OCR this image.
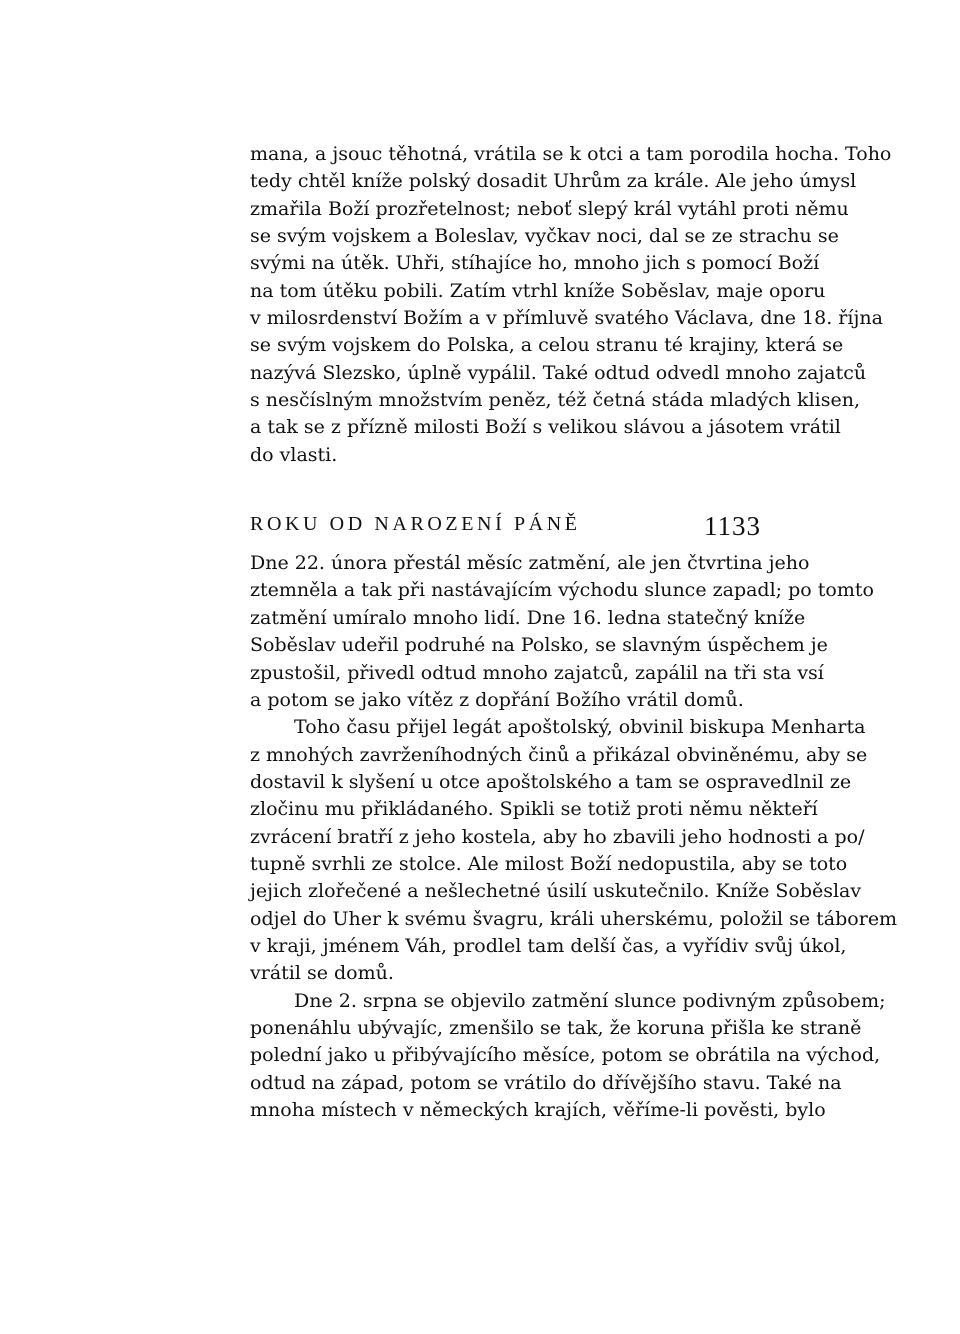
mana, a jsouc těhotná, vrátila se k otci a tam porodila hocha. Toho
tedy chtěl kníže polský dosadit Uhrům za krále. Ale jeho úmysl
zmařila Boží prozřetelnost; neboť slepý král vytáhl proti němu
se svým vojskem a Boleslav, vyčkav noci, dal se ze strachu se
svými na útěk. Uhři, stíhajíce ho, mnoho jich s pomocí Boží
na tom útěku pobili. Zatím vtrhl kníže Soběslav, maje oporu
v milosrdenství Božím a v přímluvě svatého Václava, dne 18. října
se svým vojskem do Polska, a celou stranu té krajiny, která se
nazývá Slezsko, úplně vypálil. Také odtud odvedl mnoho zajatců
s nesčíslným množstvím peněz, též četná stáda mladých klisen,
a tak se z přízně milosti Boží s velikou slávou a jásotem vrátil
do vlasti.
ROKU OD NAROZENÍ PÁNĚ	1133
Dne 22. února přestál měsíc zatmění, ale jen čtvrtina jeho
ztemněla a tak při nastávajícím východu slunce zapadl; po tomto
zatmění umíralo mnoho lidí. Dne 16. ledna statečný kníže
Soběslav udeřil podruhé na Polsko, se slavným úspěchem je
zpustošil, přivedl odtud mnoho zajatců, zapálil na tři sta vsí
a potom se jako vítěz z dopřání Božího vrátil domů.
Toho času přijel legát apoštolský, obvinil biskupa Menharta
z mnohých zavrženíhodných činů a přikázal obviněnému, aby se
dostavil k slyšení u otce apoštolského a tam se ospravedlnil ze
zločinu mu přikládaného. Spikli se totiž proti němu někteří
zvrácení bratří z jeho kostela, aby ho zbavili jeho hodnosti a po/
tupně svrhli ze stolce. Ale milost Boží nedopustila, aby se toto
jejich zlořečené a nešlechetné úsilí uskutečnilo. Kníže Soběslav
odjel do Uher k svému švagru, králi uherskému, položil se táborem
v kraji, jménem Váh, prodlel tam delší čas, a vyřídiv svůj úkol,
vrátil se domů.
Dne 2. srpna se objevilo zatmění slunce podivným způsobem;
ponenáhlu ubývajíc, zmenšilo se tak, že koruna přišla ke straně
polední jako u přibývajícího měsíce, potom se obrátila na východ,
odtud na západ, potom se vrátilo do dřívějšího stavu. Také na
mnoha místech v německých krajích, věříme-li pověsti, bylo
